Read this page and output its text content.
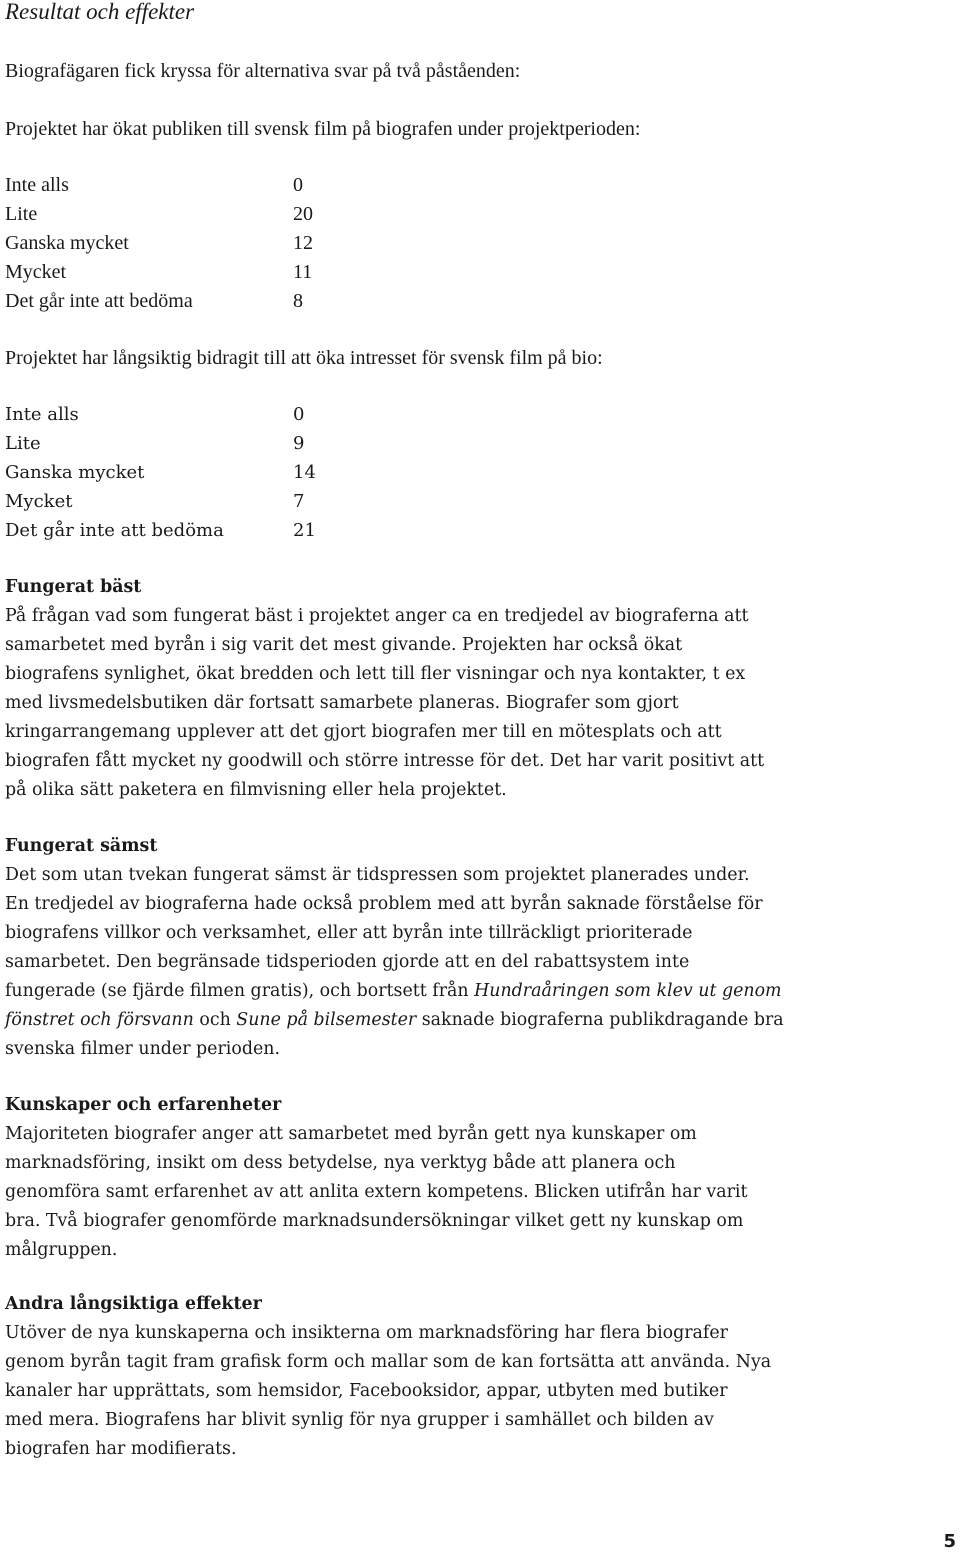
Resultat och effekter

Biografägaren fick kryssa för alternativa svar på två påståenden:

Projektet har ökat publiken till svensk film på biografen under projektperioden:

Inte alls	0
Lite	20
Ganska mycket	12
Mycket	11
Det går inte att bedöma	8

Projektet har långsiktig bidragit till att öka intresset för svensk film på bio:

Inte alls	0
Lite	9
Ganska mycket	14
Mycket	7
Det går inte att bedöma	21
Fungerat bäst
På frågan vad som fungerat bäst i projektet anger ca en tredjedel av biograferna att
samarbetet med byrån i sig varit det mest givande. Projekten har också ökat
biografens synlighet, ökat bredden och lett till fler visningar och nya kontakter, t ex
med livsmedelsbutiken där fortsatt samarbete planeras. Biografer som gjort
kringarrangemang upplever att det gjort biografen mer till en mötesplats och att
biografen fått mycket ny goodwill och större intresse för det. Det har varit positivt att
på olika sätt paketera en filmvisning eller hela projektet.
Fungerat sämst
Det som utan tvekan fungerat sämst är tidspressen som projektet planerades under.
En tredjedel av biograferna hade också problem med att byrån saknade förståelse för
biografens villkor och verksamhet, eller att byrån inte tillräckligt prioriterade
samarbetet. Den begränsade tidsperioden gjorde att en del rabattsystem inte
fungerade (se fjärde filmen gratis), och bortsett från Hundraåringen som klev ut genom
fönstret och försvann och Sune på bilsemester saknade biograferna publikdragande bra
svenska filmer under perioden.
Kunskaper och erfarenheter
Majoriteten biografer anger att samarbetet med byrån gett nya kunskaper om
marknadsföring, insikt om dess betydelse, nya verktyg både att planera och
genomföra samt erfarenhet av att anlita extern kompetens. Blicken utifrån har varit
bra. Två biografer genomförde marknadsundersökningar vilket gett ny kunskap om
målgruppen.
Andra långsiktiga effekter
Utöver de nya kunskaperna och insikterna om marknadsföring har flera biografer
genom byrån tagit fram grafisk form och mallar som de kan fortsätta att använda. Nya
kanaler har upprättats, som hemsidor, Facebooksidor, appar, utbyten med butiker
med mera. Biografens har blivit synlig för nya grupper i samhället och bilden av
biografen har modifierats.
5
